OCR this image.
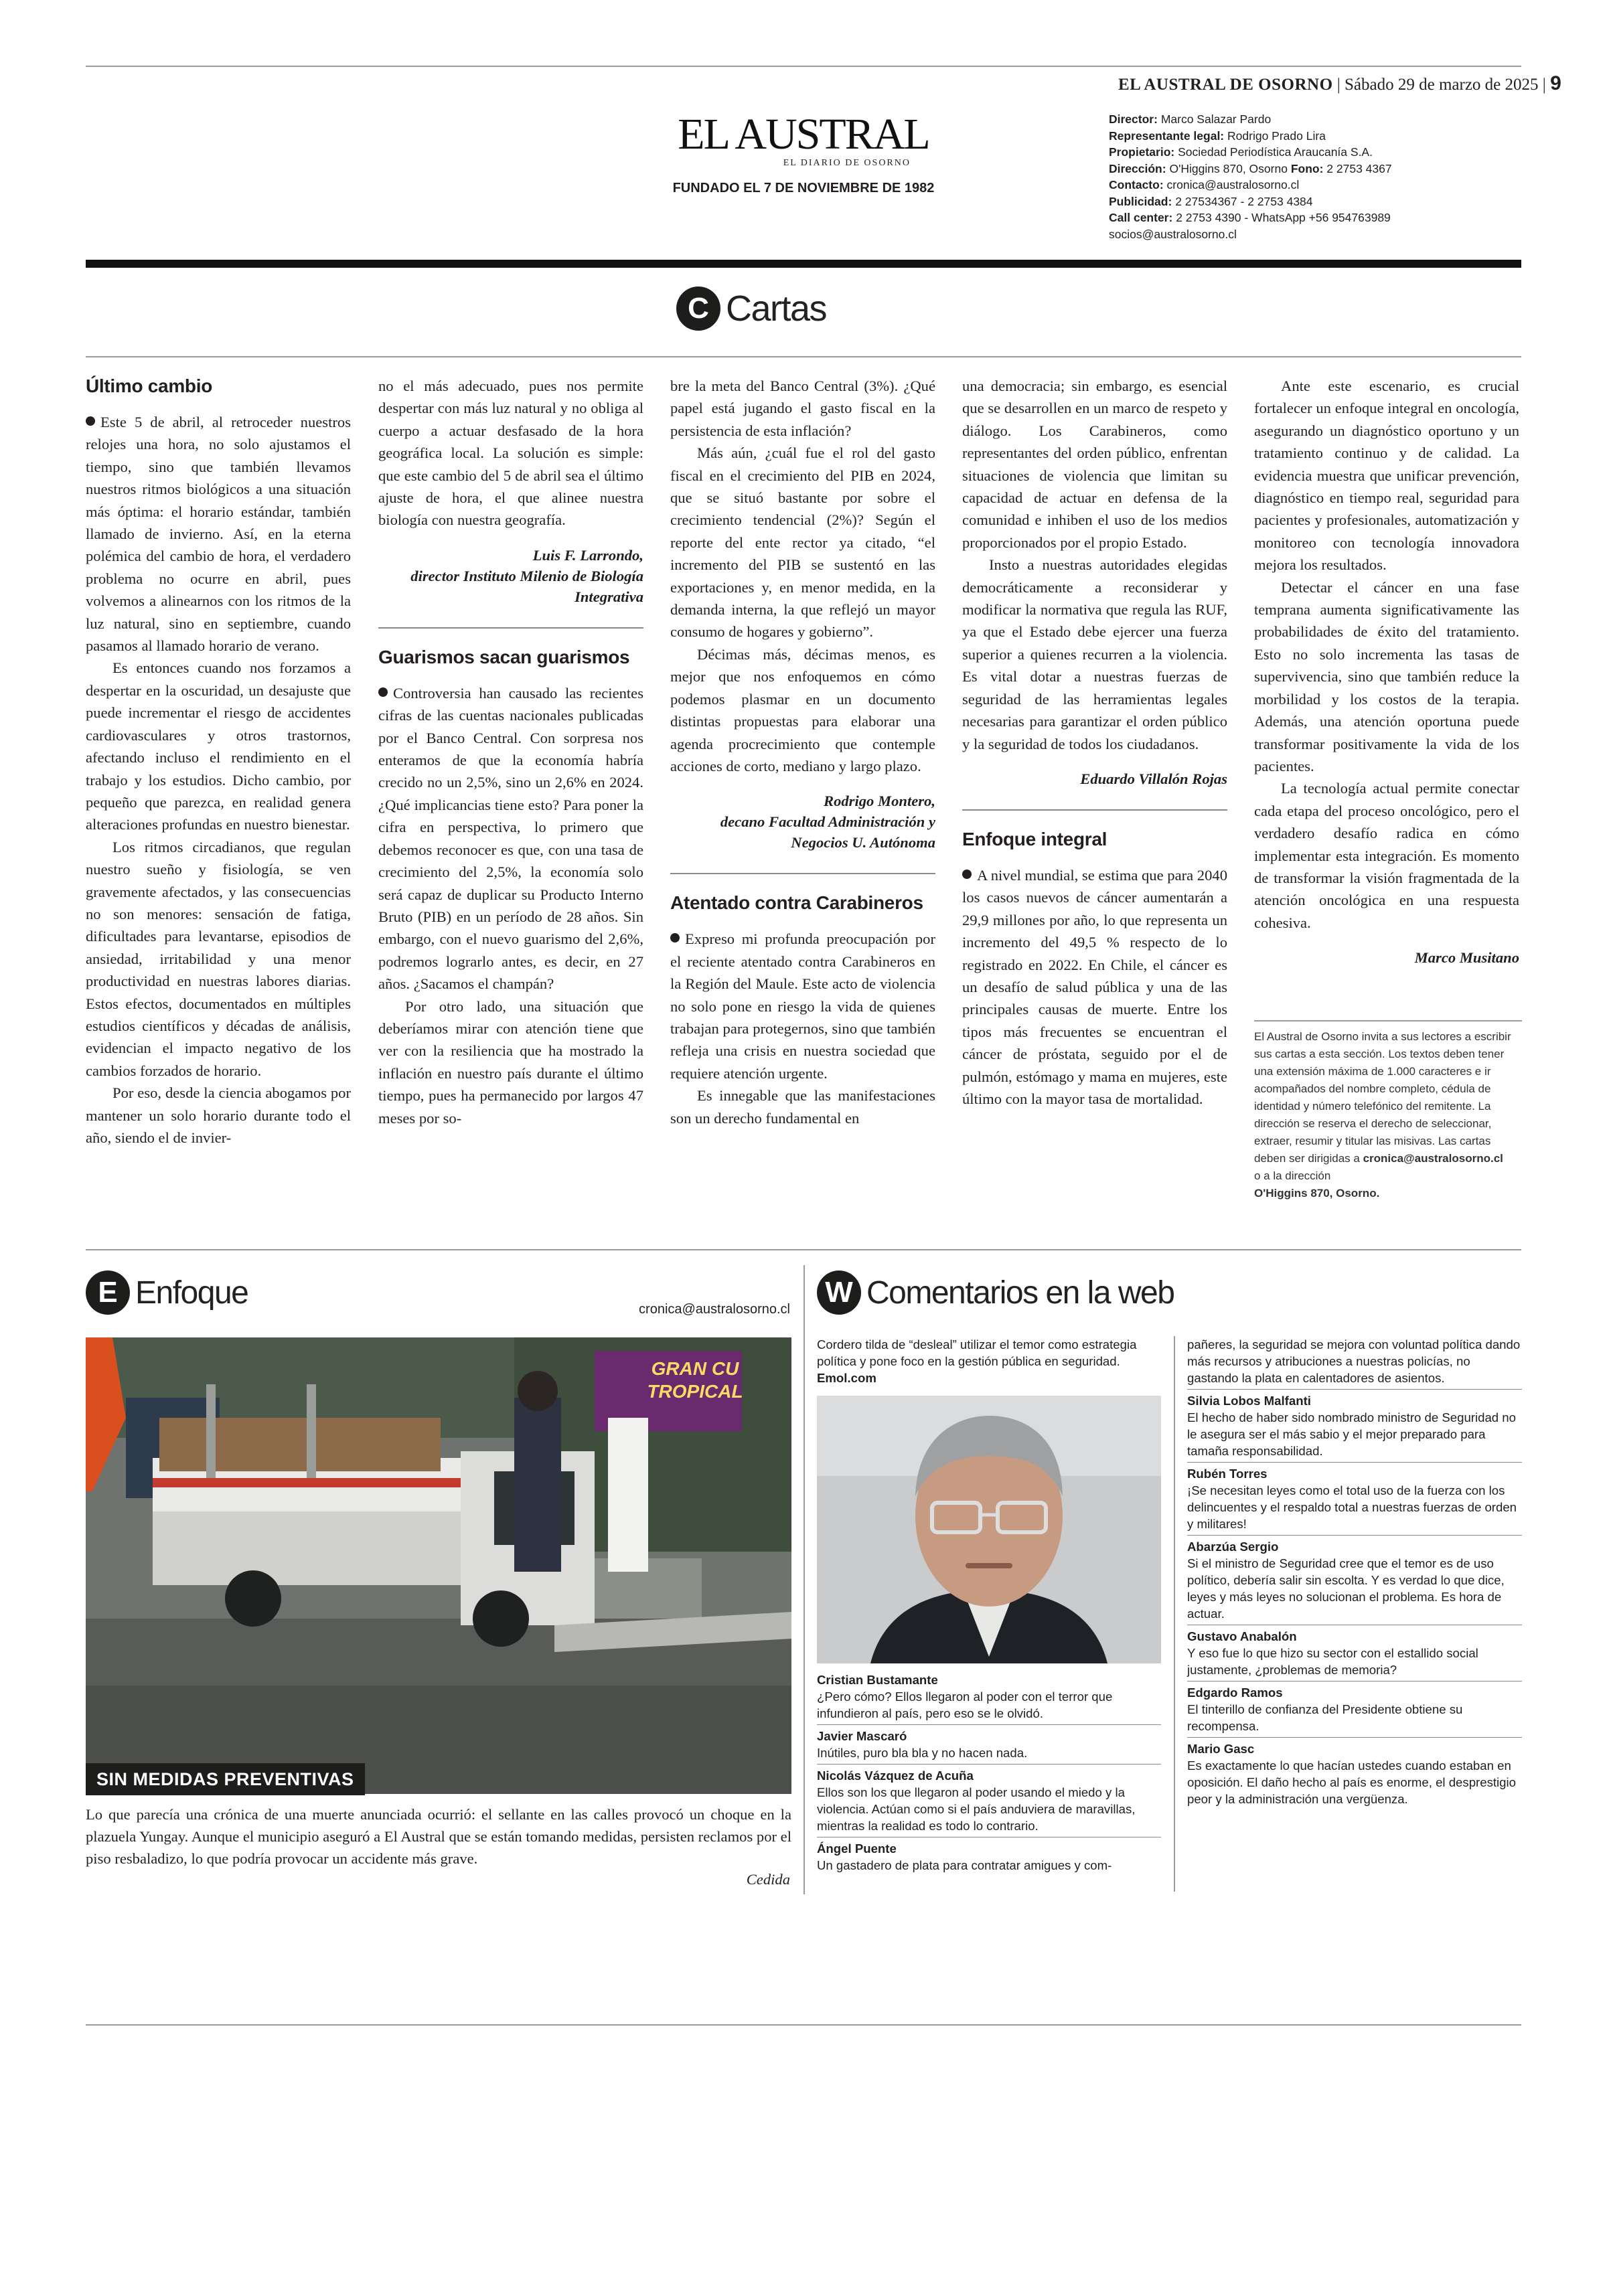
EL AUSTRAL DE OSORNO | Sábado 29 de marzo de 2025 | 9
EL AUSTRAL
EL DIARIO DE OSORNO
FUNDADO EL 7 DE NOVIEMBRE DE 1982
Director: Marco Salazar Pardo
Representante legal: Rodrigo Prado Lira
Propietario: Sociedad Periodística Araucanía S.A.
Dirección: O'Higgins 870, Osorno Fono: 2 2753 4367
Contacto: cronica@australosorno.cl
Publicidad: 2 27534367 - 2 2753 4384
Call center: 2 2753 4390 - WhatsApp +56 954763989
socios@australosorno.cl
C Cartas
Último cambio

Este 5 de abril, al retroceder nuestros relojes una hora, no solo ajustamos el tiempo, sino que también llevamos nuestros ritmos biológicos a una situación más óptima: el horario estándar, también llamado de invierno. Así, en la eterna polémica del cambio de hora, el verdadero problema no ocurre en abril, pues volvemos a alinearnos con los ritmos de la luz natural, sino en septiembre, cuando pasamos al llamado horario de verano.

Es entonces cuando nos forzamos a despertar en la oscuridad, un desajuste que puede incrementar el riesgo de accidentes cardiovasculares y otros trastornos, afectando incluso el rendimiento en el trabajo y los estudios. Dicho cambio, por pequeño que parezca, en realidad genera alteraciones profundas en nuestro bienestar.

Los ritmos circadianos, que regulan nuestro sueño y fisiología, se ven gravemente afectados, y las consecuencias no son menores: sensación de fatiga, dificultades para levantarse, episodios de ansiedad, irritabilidad y una menor productividad en nuestras labores diarias. Estos efectos, documentados en múltiples estudios científicos y décadas de análisis, evidencian el impacto negativo de los cambios forzados de horario.

Por eso, desde la ciencia abogamos por mantener un solo horario durante todo el año, siendo el de invier-

no el más adecuado, pues nos permite despertar con más luz natural y no obliga al cuerpo a actuar desfasado de la hora geográfica local. La solución es simple: que este cambio del 5 de abril sea el último ajuste de hora, el que alinee nuestra biología con nuestra geografía.

Luis F. Larrondo,
director Instituto Milenio de Biología Integrativa
Guarismos sacan guarismos

Controversia han causado las recientes cifras de las cuentas nacionales publicadas por el Banco Central. Con sorpresa nos enteramos de que la economía habría crecido no un 2,5%, sino un 2,6% en 2024. ¿Qué implicancias tiene esto? Para poner la cifra en perspectiva, lo primero que debemos reconocer es que, con una tasa de crecimiento del 2,5%, la economía solo será capaz de duplicar su Producto Interno Bruto (PIB) en un período de 28 años. Sin embargo, con el nuevo guarismo del 2,6%, podremos lograrlo antes, es decir, en 27 años. ¿Sacamos el champán?

Por otro lado, una situación que deberíamos mirar con atención tiene que ver con la resiliencia que ha mostrado la inflación en nuestro país durante el último tiempo, pues ha permanecido por largos 47 meses por so-

bre la meta del Banco Central (3%). ¿Qué papel está jugando el gasto fiscal en la persistencia de esta inflación?

Más aún, ¿cuál fue el rol del gasto fiscal en el crecimiento del PIB en 2024, que se situó bastante por sobre el crecimiento tendencial (2%)? Según el reporte del ente rector ya citado, “el incremento del PIB se sustentó en las exportaciones y, en menor medida, en la demanda interna, la que reflejó un mayor consumo de hogares y gobierno”.

Décimas más, décimas menos, es mejor que nos enfoquemos en cómo podemos plasmar en un documento distintas propuestas para elaborar una agenda procrecimiento que contemple acciones de corto, mediano y largo plazo.

Rodrigo Montero,
decano Facultad Administración y Negocios U. Autónoma
Atentado contra Carabineros

Expreso mi profunda preocupación por el reciente atentado contra Carabineros en la Región del Maule. Este acto de violencia no solo pone en riesgo la vida de quienes trabajan para protegernos, sino que también refleja una crisis en nuestra sociedad que requiere atención urgente.

Es innegable que las manifestaciones son un derecho fundamental en

una democracia; sin embargo, es esencial que se desarrollen en un marco de respeto y diálogo. Los Carabineros, como representantes del orden público, enfrentan situaciones de violencia que limitan su capacidad de actuar en defensa de la comunidad e inhiben el uso de los medios proporcionados por el propio Estado.

Insto a nuestras autoridades elegidas democráticamente a reconsiderar y modificar la normativa que regula las RUF, ya que el Estado debe ejercer una fuerza superior a quienes recurren a la violencia. Es vital dotar a nuestras fuerzas de seguridad de las herramientas legales necesarias para garantizar el orden público y la seguridad de todos los ciudadanos.

Eduardo Villalón Rojas
Enfoque integral

A nivel mundial, se estima que para 2040 los casos nuevos de cáncer aumentarán a 29,9 millones por año, lo que representa un incremento del 49,5 % respecto de lo registrado en 2022. En Chile, el cáncer es un desafío de salud pública y una de las principales causas de muerte. Entre los tipos más frecuentes se encuentran el cáncer de próstata, seguido por el de pulmón, estómago y mama en mujeres, este último con la mayor tasa de mortalidad.

Ante este escenario, es crucial fortalecer un enfoque integral en oncología, asegurando un diagnóstico oportuno y un tratamiento continuo y de calidad. La evidencia muestra que unificar prevención, diagnóstico en tiempo real, seguridad para pacientes y profesionales, automatización y monitoreo con tecnología innovadora mejora los resultados.

Detectar el cáncer en una fase temprana aumenta significativamente las probabilidades de éxito del tratamiento. Esto no solo incrementa las tasas de supervivencia, sino que también reduce la morbilidad y los costos de la terapia. Además, una atención oportuna puede transformar positivamente la vida de los pacientes.

La tecnología actual permite conectar cada etapa del proceso oncológico, pero el verdadero desafío radica en cómo implementar esta integración. Es momento de transformar la visión fragmentada de la atención oncológica en una respuesta cohesiva.

Marco Musitano
El Austral de Osorno invita a sus lectores a escribir sus cartas a esta sección. Los textos deben tener una extensión máxima de 1.000 caracteres e ir acompañados del nombre completo, cédula de identidad y número telefónico del remitente. La dirección se reserva el derecho de seleccionar, extraer, resumir y titular las misivas. Las cartas deben ser dirigidas a cronica@australosorno.cl
o a la dirección
O'Higgins 870, Osorno.
E Enfoque	cronica@australosorno.cl
GRAN CU TROPICAL
SIN MEDIDAS PREVENTIVAS
Lo que parecía una crónica de una muerte anunciada ocurrió: el sellante en las calles provocó un choque en la plazuela Yungay. Aunque el municipio aseguró a El Austral que se están tomando medidas, persisten reclamos por el piso resbaladizo, lo que podría provocar un accidente más grave.
Cedida
W Comentarios en la web
Cordero tilda de “desleal” utilizar el temor como estrategia política y pone foco en la gestión pública en seguridad. Emol.com
Cristian Bustamante
¿Pero cómo? Ellos llegaron al poder con el terror que infundieron al país, pero eso se le olvidó.
Javier Mascaró
Inútiles, puro bla bla y no hacen nada.
Nicolás Vázquez de Acuña
Ellos son los que llegaron al poder usando el miedo y la violencia. Actúan como si el país anduviera de maravillas, mientras la realidad es todo lo contrario.
Ángel Puente
Un gastadero de plata para contratar amigues y com-
pañeres, la seguridad se mejora con voluntad política dando más recursos y atribuciones a nuestras policías, no gastando la plata en calentadores de asientos.
Silvia Lobos Malfanti
El hecho de haber sido nombrado ministro de Seguridad no le asegura ser el más sabio y el mejor preparado para tamaña responsabilidad.
Rubén Torres
¡Se necesitan leyes como el total uso de la fuerza con los delincuentes y el respaldo total a nuestras fuerzas de orden y militares!
Abarzúa Sergio
Si el ministro de Seguridad cree que el temor es de uso político, debería salir sin escolta. Y es verdad lo que dice, leyes y más leyes no solucionan el problema. Es hora de actuar.
Gustavo Anabalón
Y eso fue lo que hizo su sector con el estallido social justamente, ¿problemas de memoria?
Edgardo Ramos
El tinterillo de confianza del Presidente obtiene su recompensa.
Mario Gasc
Es exactamente lo que hacían ustedes cuando estaban en oposición. El daño hecho al país es enorme, el desprestigio peor y la administración una vergüenza.
